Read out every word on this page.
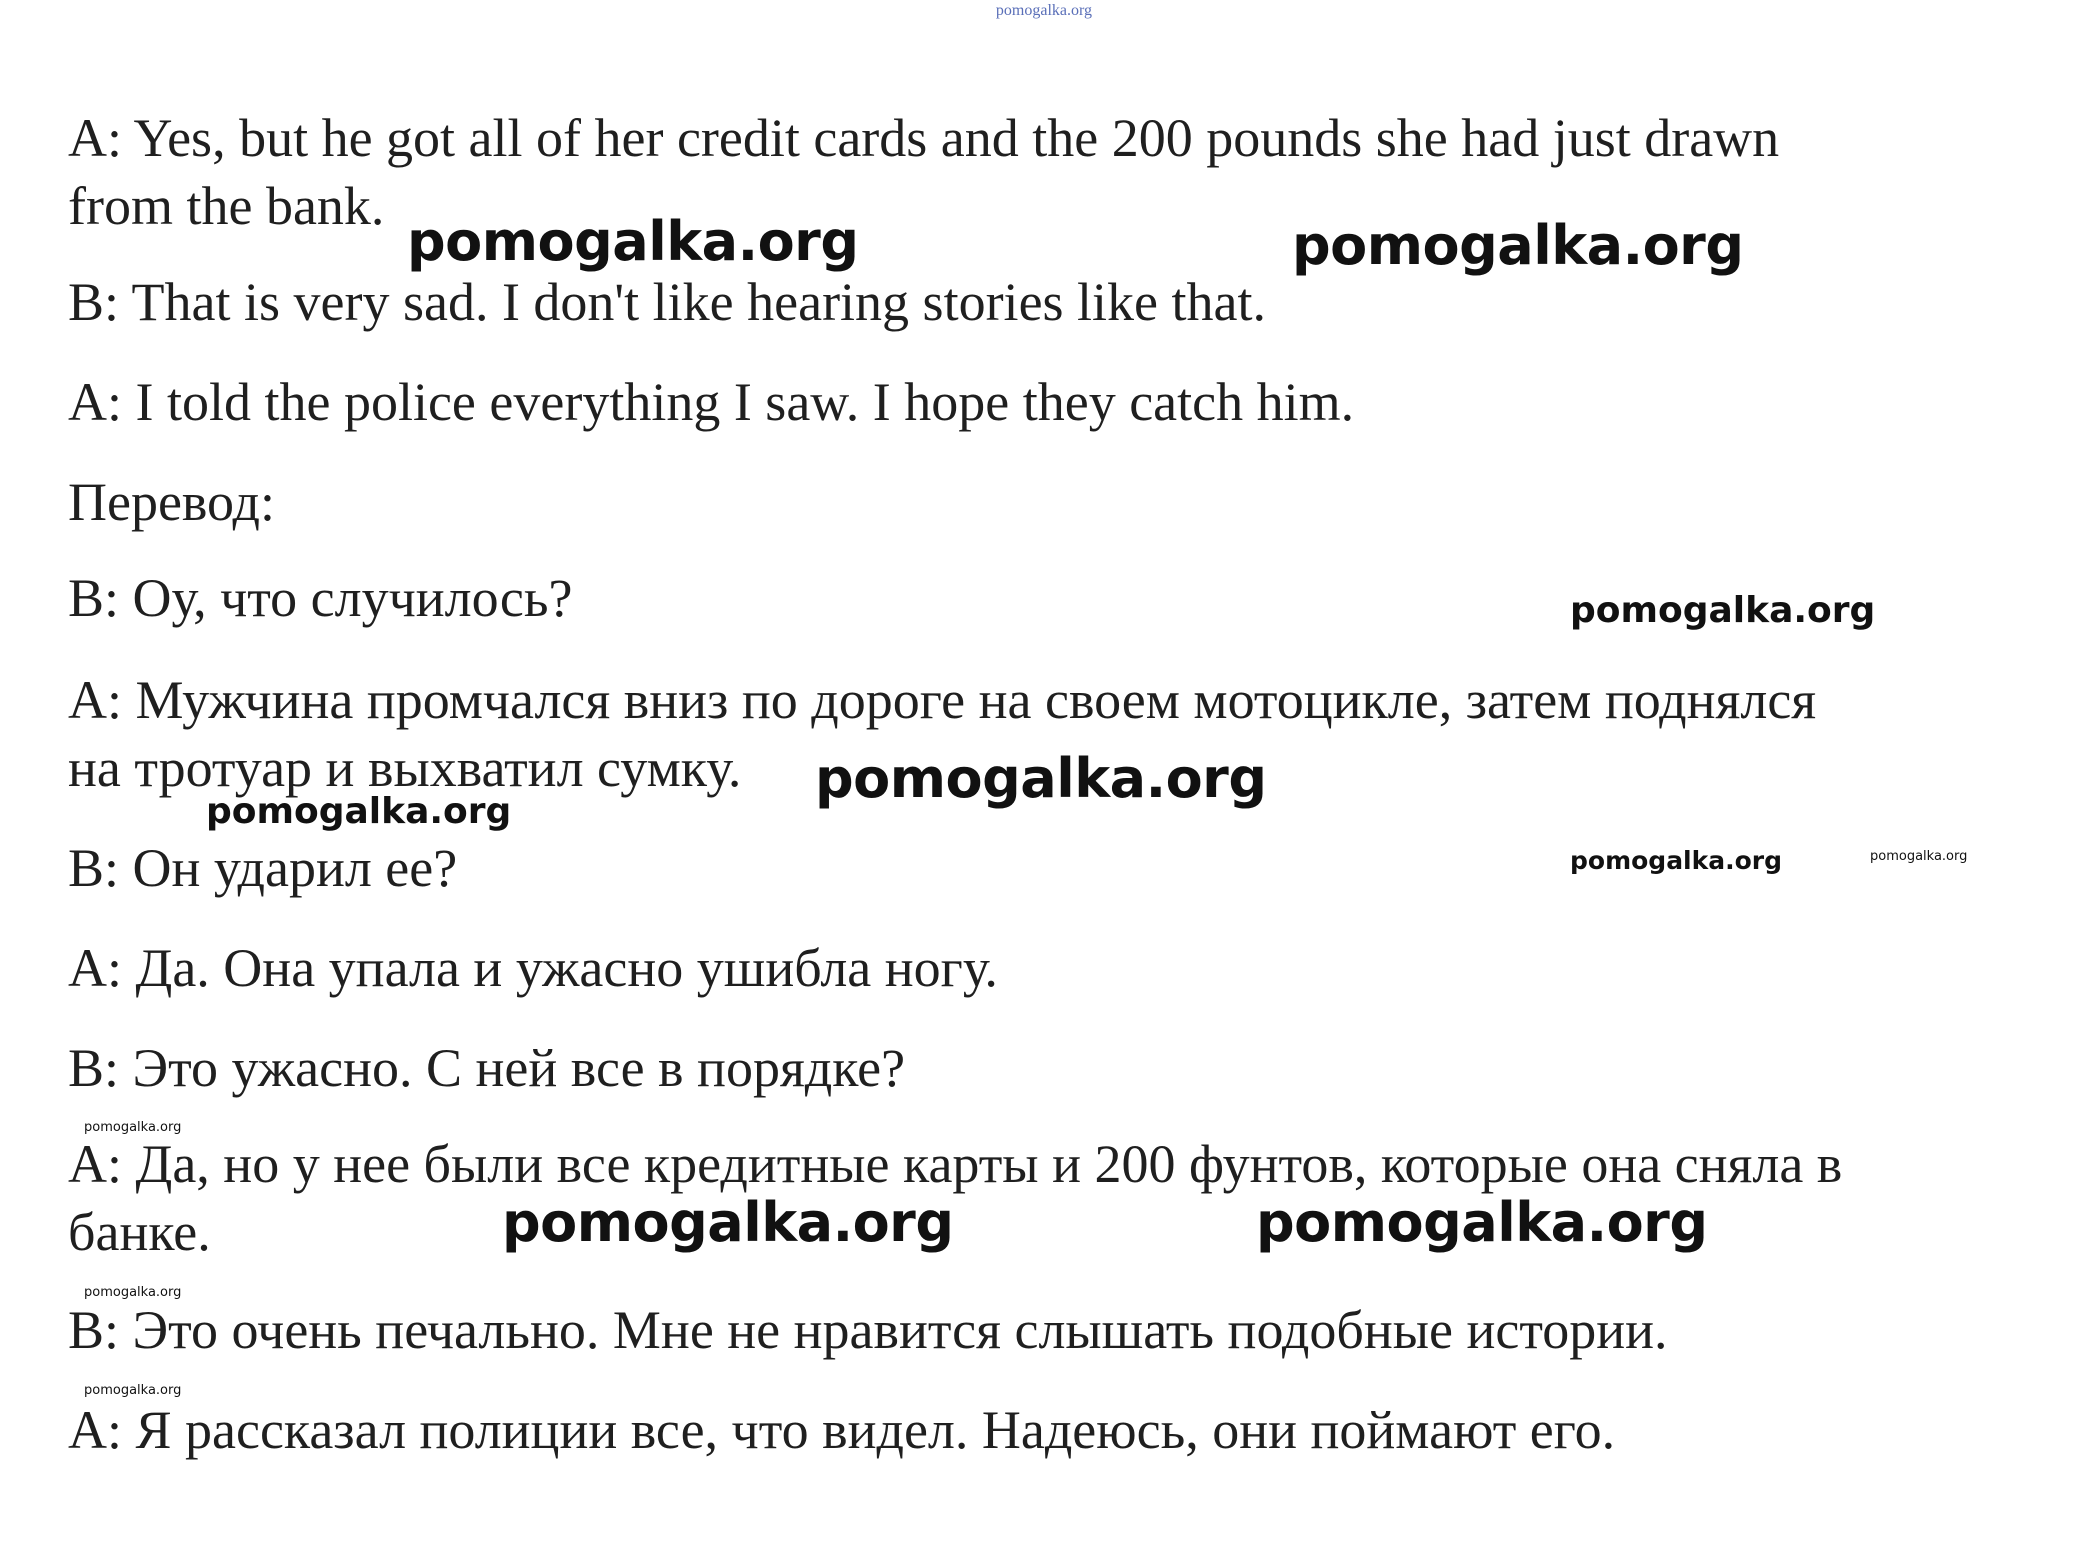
pomogalka.org
A: Yes, but he got all of her credit cards and the 200 pounds she had just drawn
from the bank.
B: That is very sad. I don't like hearing stories like that.
A: I told the police everything I saw. I hope they catch him.
Перевод:
B: Оу, что случилось?
A: Мужчина промчался вниз по дороге на своем мотоцикле, затем поднялся
на тротуар и выхватил сумку.
B: Он ударил ее?
A: Да. Она упала и ужасно ушибла ногу.
B: Это ужасно. С ней все в порядке?
A: Да, но у нее были все кредитные карты и 200 фунтов, которые она сняла в
банке.
B: Это очень печально. Мне не нравится слышать подобные истории.
A: Я рассказал полиции все, что видел. Надеюсь, они поймают его.
pomogalka.org	pomogalka.org
pomogalka.org
pomogalka.org
pomogalka.org
pomogalka.org	pomogalka.org
pomogalka.org
pomogalka.org	pomogalka.org
pomogalka.org
pomogalka.org
